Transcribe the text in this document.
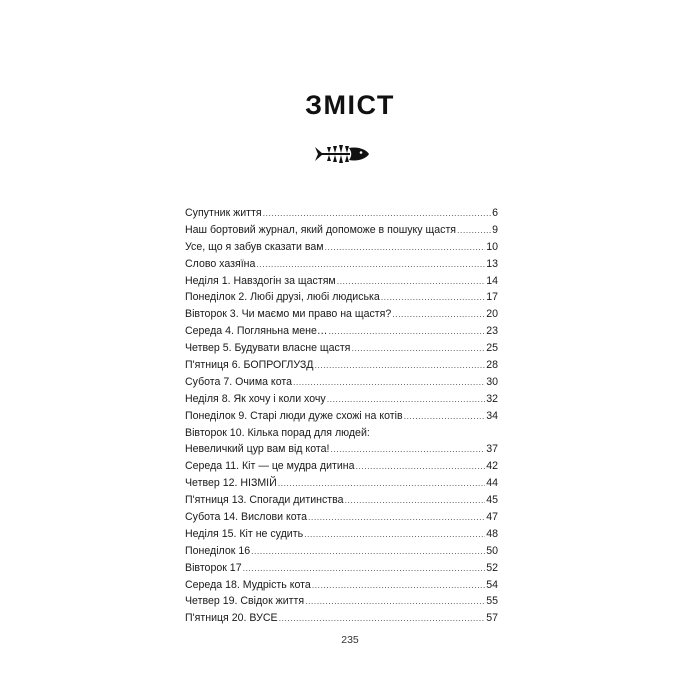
ЗМІСТ
Супутник життя .....	6
Наш бортовий журнал, який допоможе в пошуку щастя .....	9
Усе, що я забув сказати вам .....	10
Слово хазяїна .....	13
Неділя 1. Навздогін за щастям .....	14
Понеділок 2. Любі друзі, любі людиська .....	17
Вівторок 3. Чи маємо ми право на щастя? .....	20
Середа 4. Погляньна мене… .....	23
Четвер 5. Будувати власне щастя .....	25
П'ятниця 6. БОПРОГЛУЗД .....	28
Субота 7. Очима кота .....	30
Неділя 8. Як хочу і коли хочу .....	32
Понеділок 9. Старі люди дуже схожі на котів .....	34
Вівторок 10. Кілька порад для людей:
Невеличкий цур вам від кота! .....	37
Середа 11. Кіт — це мудра дитина .....	42
Четвер 12. НІЗМІЙ .....	44
П'ятниця 13. Спогади дитинства .....	45
Субота 14. Вислови кота .....	47
Неділя 15. Кіт не судить .....	48
Понеділок 16 .....	50
Вівторок 17 .....	52
Середа 18. Мудрість кота .....	54
Четвер 19. Свідок життя .....	55
П'ятниця 20. ВУСЕ .....	57
235
